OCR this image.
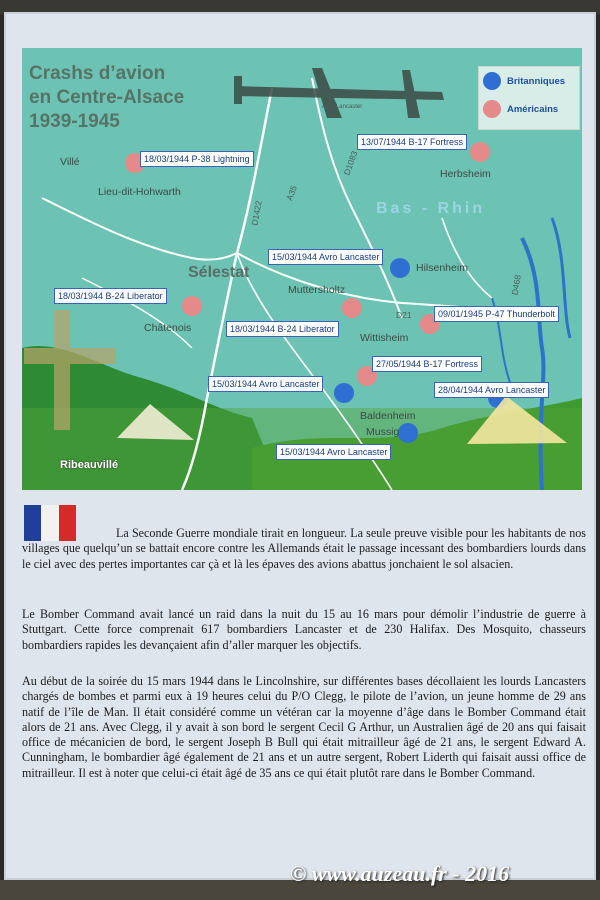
Crashs d’avion
en Centre-Alsace
1939-1945

Avro Lancaster
Britanniques
Américains
Villé
Lieu-dit-Hohwarth
Sélestat
Herbsheim
Bas - Rhin
Hilsenheim
Muttersholtz
Châtenois
Wittisheim
Baldenheim
Mussig
Ribeauvillé
D1083
A35
D1422
D21
D468
18/03/1944 P-38 Lightning
13/07/1944 B-17 Fortress
15/03/1944 Avro Lancaster
18/03/1944 B-24 Liberator
18/03/1944 B-24 Liberator
09/01/1945 P-47 Thunderbolt
27/05/1944 B-17 Fortress
15/03/1944 Avro Lancaster
28/04/1944 Avro Lancaster
15/03/1944 Avro Lancaster

La Seconde Guerre mondiale tirait en longueur. La seule preuve visible pour les habitants de nos villages que quelqu’un se battait encore contre les Allemands était le passage incessant des bombardiers lourds dans le ciel avec des pertes importantes car çà et là les épaves des avions abattus jonchaient le sol alsacien.

Le Bomber Command avait lancé un raid dans la nuit du 15 au 16 mars pour démolir l’industrie de guerre à Stuttgart. Cette force comprenait 617 bombardiers Lancaster et de 230 Halifax. Des Mosquito, chasseurs bombardiers rapides les devançaient afin d’aller marquer les objectifs.

Au début de la soirée du 15 mars 1944 dans le Lincolnshire, sur différentes bases décollaient les lourds Lancasters chargés de bombes et parmi eux à 19 heures celui du P/O Clegg, le pilote de l’avion, un jeune homme de 29 ans natif de l’île de Man. Il était considéré comme un vétéran car la moyenne d’âge dans le Bomber Command était alors de 21 ans. Avec Clegg, il y avait à son bord le sergent Cecil G Arthur, un Australien âgé de 20 ans qui faisait office de mécanicien de bord, le sergent Joseph B Bull qui était mitrailleur âgé de 21 ans, le sergent Edward A. Cunningham, le bombardier âgé également de 21 ans et un autre sergent, Robert Liderth qui faisait aussi office de mitrailleur. Il est à noter que celui-ci était âgé de 35 ans ce qui était plutôt rare dans le Bomber Command.

© www.auzeau.fr - 2016
